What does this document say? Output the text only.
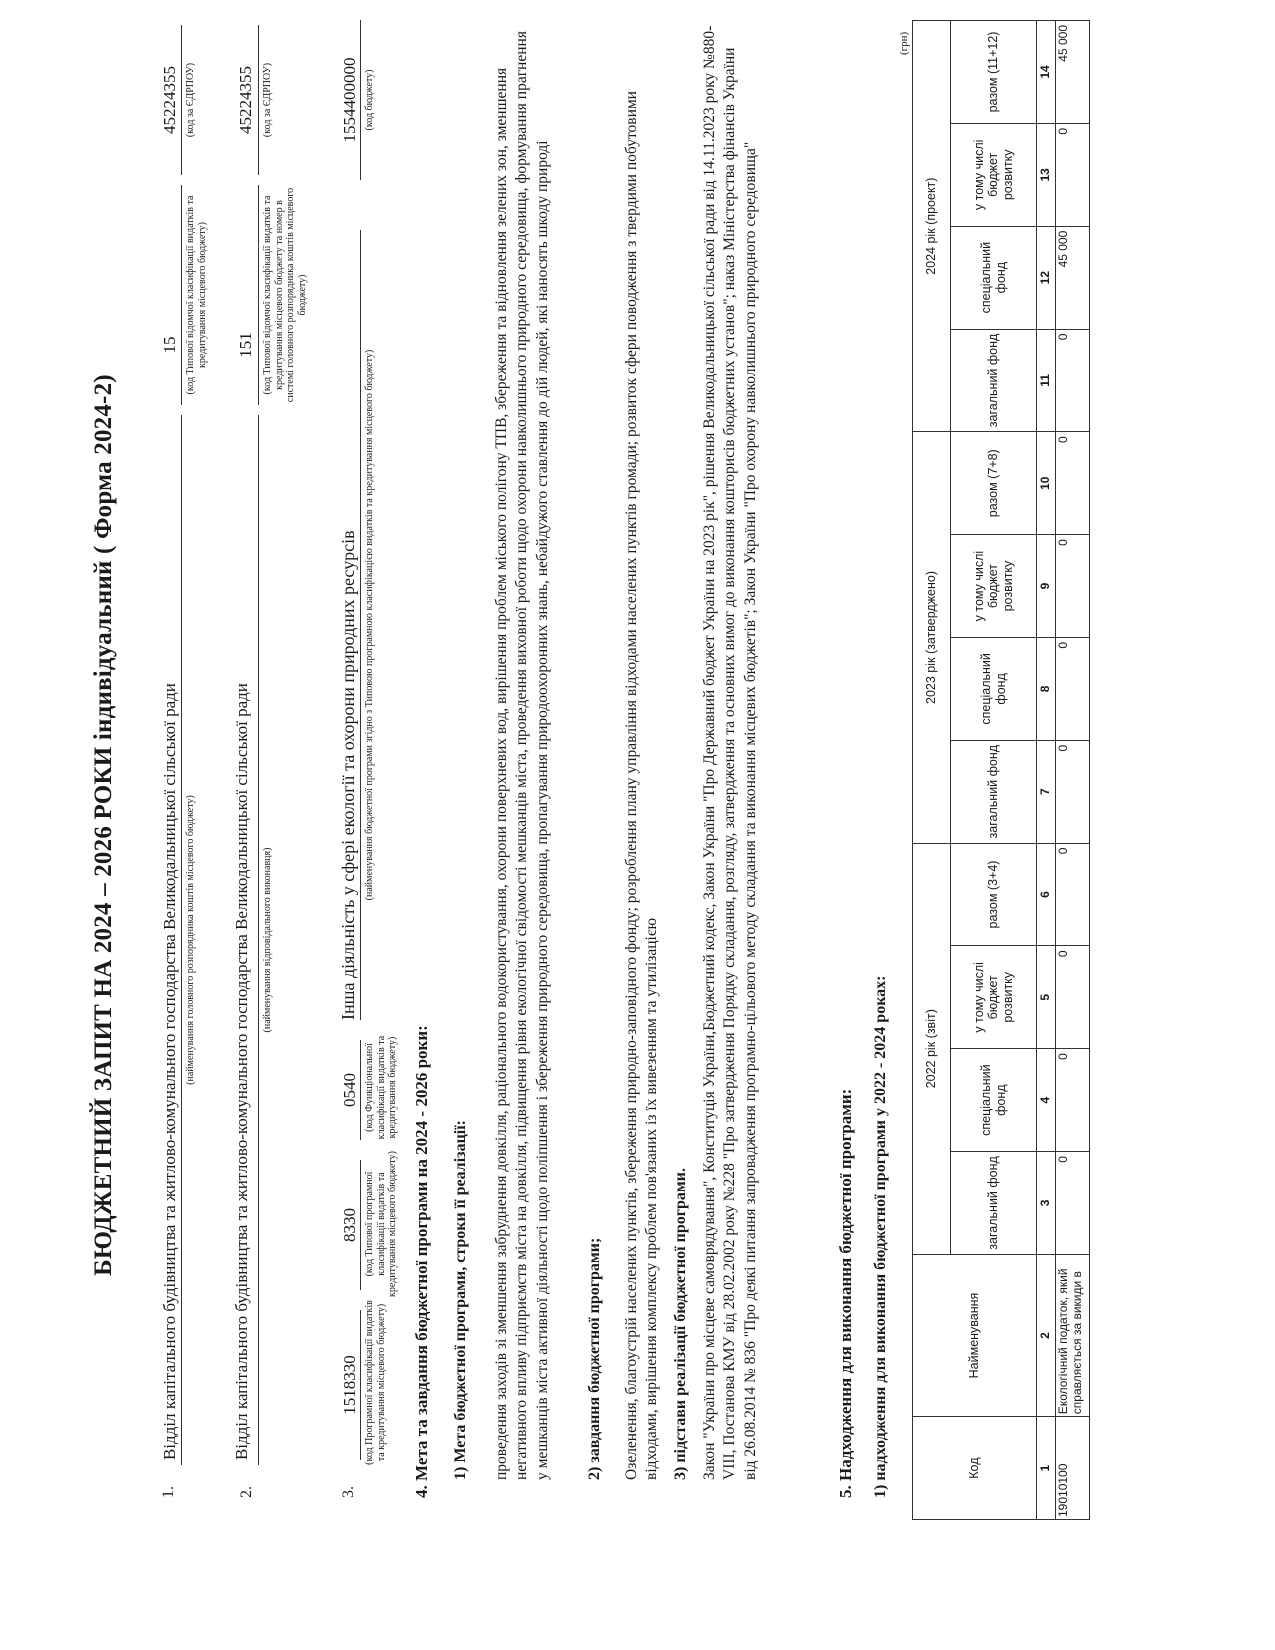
БЮДЖЕТНИЙ ЗАПИТ НА 2024 – 2026 РОКИ індивідуальний ( Форма 2024-2)
1.
Відділ капітального будівництва та житлово-комунального господарства Великодальницької сільської ради (найменування головного розпорядника коштів місцевого бюджету)
15 (код Типової відомчої класифікації видатків та кредитування місцевого бюджету)
45224355 (код за ЄДРПОУ)
2.
Відділ капітального будівництва та житлово-комунального господарства Великодальницької сільської ради (найменування відповідального виконавця)
151 (код Типової відомчої класифікації видатків та кредитування місцевого бюджету та номер в системі головного розпорядника коштів місцевого бюджету)
45224355 (код за ЄДРПОУ)
3.
1518330 (код Програмної класифікації видатків та кредитування місцевого бюджету)
8330 (код Типової програмної класифікації видатків та кредитування місцевого бюджету)
0540 (код Функціональної класифікації видатків та кредитування бюджету)
Інша діяльність у сфері екології та охорони природних ресурсів (найменування бюджетної програми згідно з Типовою програмною класифікацією видатків та кредитування місцевого бюджету)
1554400000 (код бюджету)
4. Мета та завдання бюджетної програми на 2024 - 2026 роки: 1) Мета бюджетної програми, строки її реалізації: проведення заходів зі зменшення забруднення довкілля, раціонального водокористування, охорони поверхневих вод, вирішення проблем міського полігону ТПВ, збереження та відновлення зелених зон, зменшення негативного впливу підприємств міста на довкілля, підвищення рівня екологічної свідомості мешканців міста, проведення виховної роботи щодо охорони навколишнього природного середовища, формування прагнення у мешканців міста активної діяльності щодо поліпшення і збереження природного середовища, пропагування природоохоронних знань, небайдужого ставлення до дій людей, які наносять шкоду природі 2) завдання бюджетної програми; Озеленення, благоустрій населених пунктів, збереження природно-заповідного фонду; розроблення плану управління відходами населених пунктів громади; розвиток сфери поводження з твердими побутовими відходами, вирішення комплексу проблем пов'язаних із їх вивезенням та утилізацією 3) підстави реалізації бюджетної програми. Закон "України про місцеве самоврядування", Конституція України,Бюджетний кодекс, Закон України "Про Державний бюджет України на 2023 рік", рішення Великодальницької сільської ради від 14.11.2023 року №880-VIII, Постанова КМУ від 28.02.2002 року №228 "Про затвердження Порядку складання, розгляду, затвердження та основних вимог до виконання кошторисів бюджетних установ"; наказ Міністерства фінансів України від 26.08.2014 № 836 "Про деякі питання запровадження програмно-цільового методу складання та виконання місцевих бюджетів"; Закон України "Про охорону навколишнього природного середовища"	5. Надходження для виконання бюджетної програми: 1) надходження для виконання бюджетної програми у 2022 - 2024 роках:
(грн)
Код	Найменування	2022 рік (звіт)				2023 рік (затверджено)				2024 рік (проект)			
		загальний фонд	спеціальний фонд	у тому числі бюджет розвитку	разом (3+4)	загальний фонд	спеціальний фонд	у тому числі бюджет розвитку	разом (7+8)	загальний фонд	спеціальний фонд	у тому числі бюджет розвитку	разом (11+12)
1	2	3	4	5	6	7	8	9	10	11	12	13	14
19010100	Екологічний податок, який справляється за викиди в	0	0	0	0	0	0	0	0	0	45 000	0	45 000
